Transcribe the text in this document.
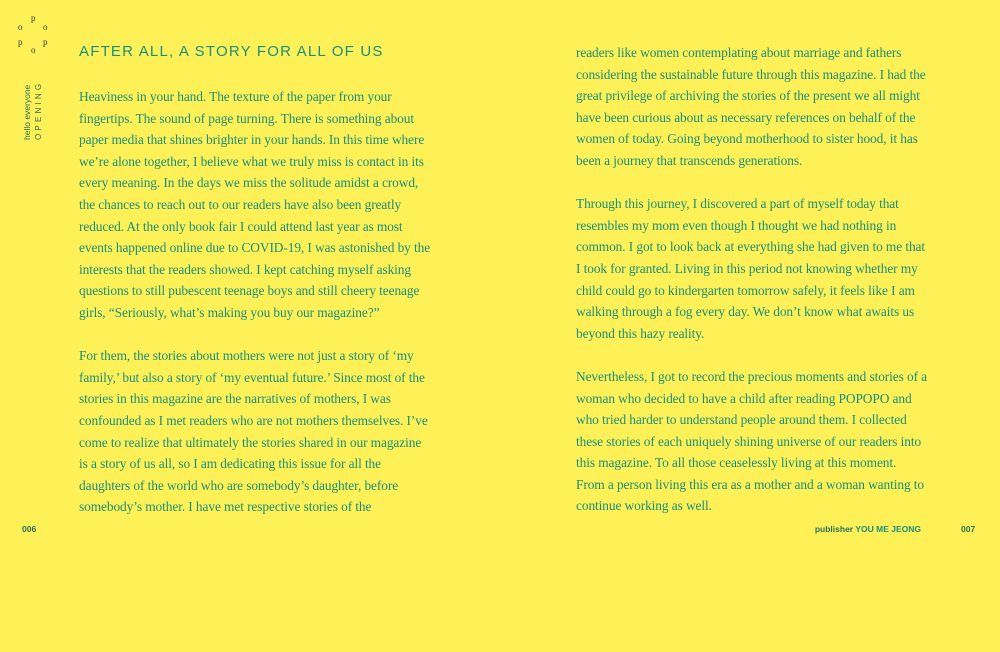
p
o
p
o
p
o
hello everyone OPENING
AFTER ALL, A STORY FOR ALL OF US

Heaviness in your hand. The texture of the paper from your fingertips. The sound of page turning. There is something about paper media that shines brighter in your hands. In this time where we’re alone together, I believe what we truly miss is contact in its every meaning. In the days we miss the solitude amidst a crowd, the chances to reach out to our readers have also been greatly reduced. At the only book fair I could attend last year as most events happened online due to COVID-19, I was astonished by the interests that the readers showed. I kept catching myself asking questions to still pubescent teenage boys and still cheery teenage girls, “Seriously, what’s making you buy our magazine?”

For them, the stories about mothers were not just a story of ‘my family,’ but also a story of ‘my eventual future.’ Since most of the stories in this magazine are the narratives of mothers, I was confounded as I met readers who are not mothers themselves. I’ve come to realize that ultimately the stories shared in our magazine is a story of us all, so I am dedicating this issue for all the daughters of the world who are somebody’s daughter, before somebody’s mother. I have met respective stories of the

readers like women contemplating about marriage and fathers considering the sustainable future through this magazine. I had the great privilege of archiving the stories of the present we all might have been curious about as necessary references on behalf of the women of today. Going beyond motherhood to sister hood, it has been a journey that transcends generations.

Through this journey, I discovered a part of myself today that resembles my mom even though I thought we had nothing in common. I got to look back at everything she had given to me that I took for granted. Living in this period not knowing whether my child could go to kindergarten tomorrow safely, it feels like I am walking through a fog every day. We don’t know what awaits us beyond this hazy reality.

Nevertheless, I got to record the precious moments and stories of a woman who decided to have a child after reading POPOPO and who tried harder to understand people around them. I collected these stories of each uniquely shining universe of our readers into this magazine. To all those ceaselessly living at this moment. From a person living this era as a mother and a woman wanting to continue working as well.

006	007
publisher YOU ME JEONG
